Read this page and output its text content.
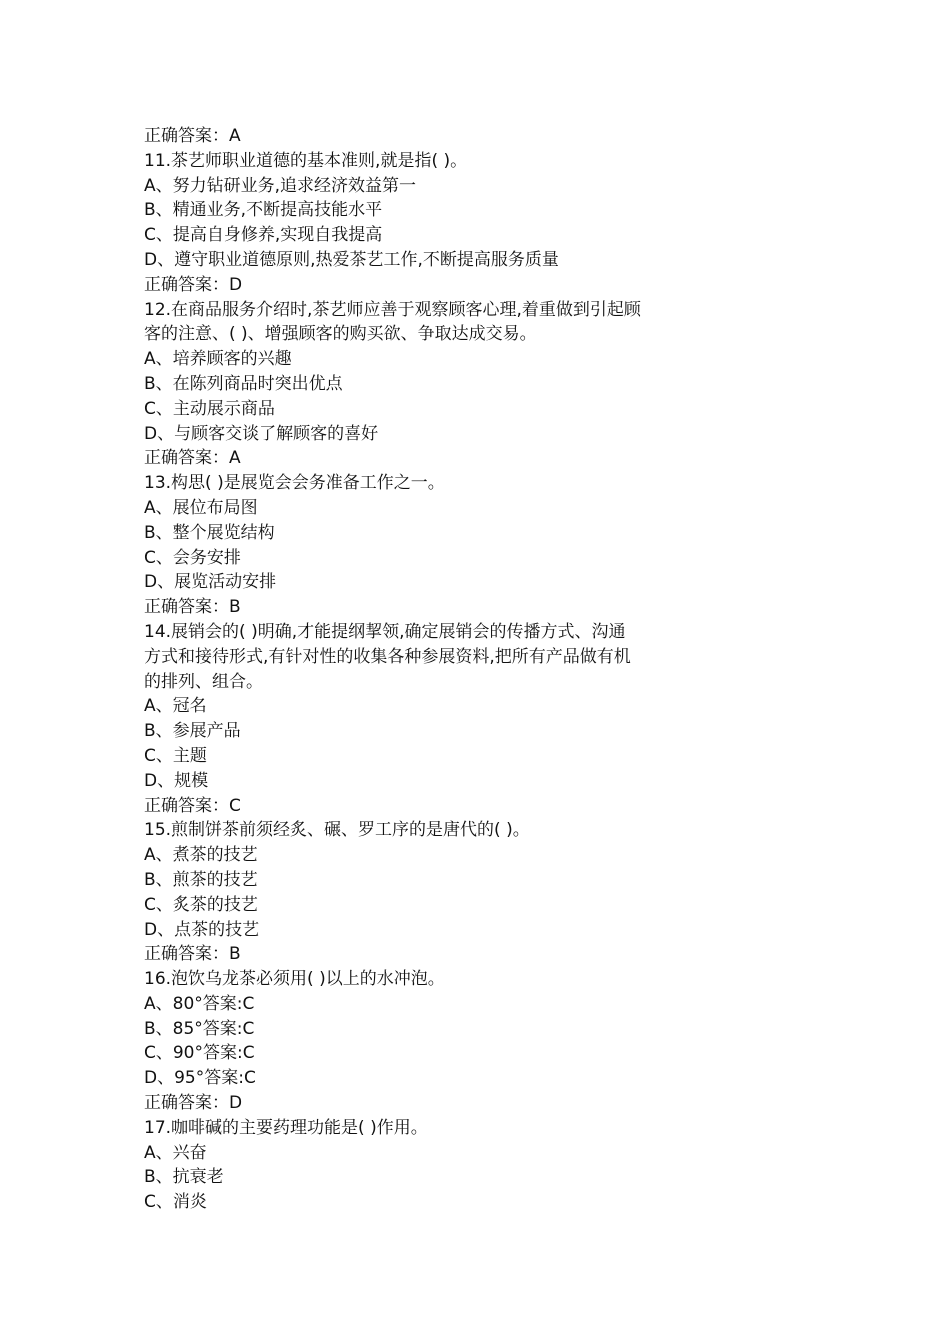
正确答案：A
11.茶艺师职业道德的基本准则,就是指( )。
A、努力钻研业务,追求经济效益第一
B、精通业务,不断提高技能水平
C、提高自身修养,实现自我提高
D、遵守职业道德原则,热爱茶艺工作,不断提高服务质量
正确答案：D
12.在商品服务介绍时,茶艺师应善于观察顾客心理,着重做到引起顾
客的注意、( )、增强顾客的购买欲、争取达成交易。
A、培养顾客的兴趣
B、在陈列商品时突出优点
C、主动展示商品
D、与顾客交谈了解顾客的喜好
正确答案：A
13.构思( )是展览会会务准备工作之一。
A、展位布局图
B、整个展览结构
C、会务安排
D、展览活动安排
正确答案：B
14.展销会的( )明确,才能提纲挈领,确定展销会的传播方式、沟通
方式和接待形式,有针对性的收集各种参展资料,把所有产品做有机
的排列、组合。
A、冠名
B、参展产品
C、主题
D、规模
正确答案：C
15.煎制饼茶前须经炙、碾、罗工序的是唐代的( )。
A、煮茶的技艺
B、煎茶的技艺
C、炙茶的技艺
D、点茶的技艺
正确答案：B
16.泡饮乌龙茶必须用( )以上的水冲泡。
A、80°答案:C
B、85°答案:C
C、90°答案:C
D、95°答案:C
正确答案：D
17.咖啡碱的主要药理功能是( )作用。
A、兴奋
B、抗衰老
C、消炎
